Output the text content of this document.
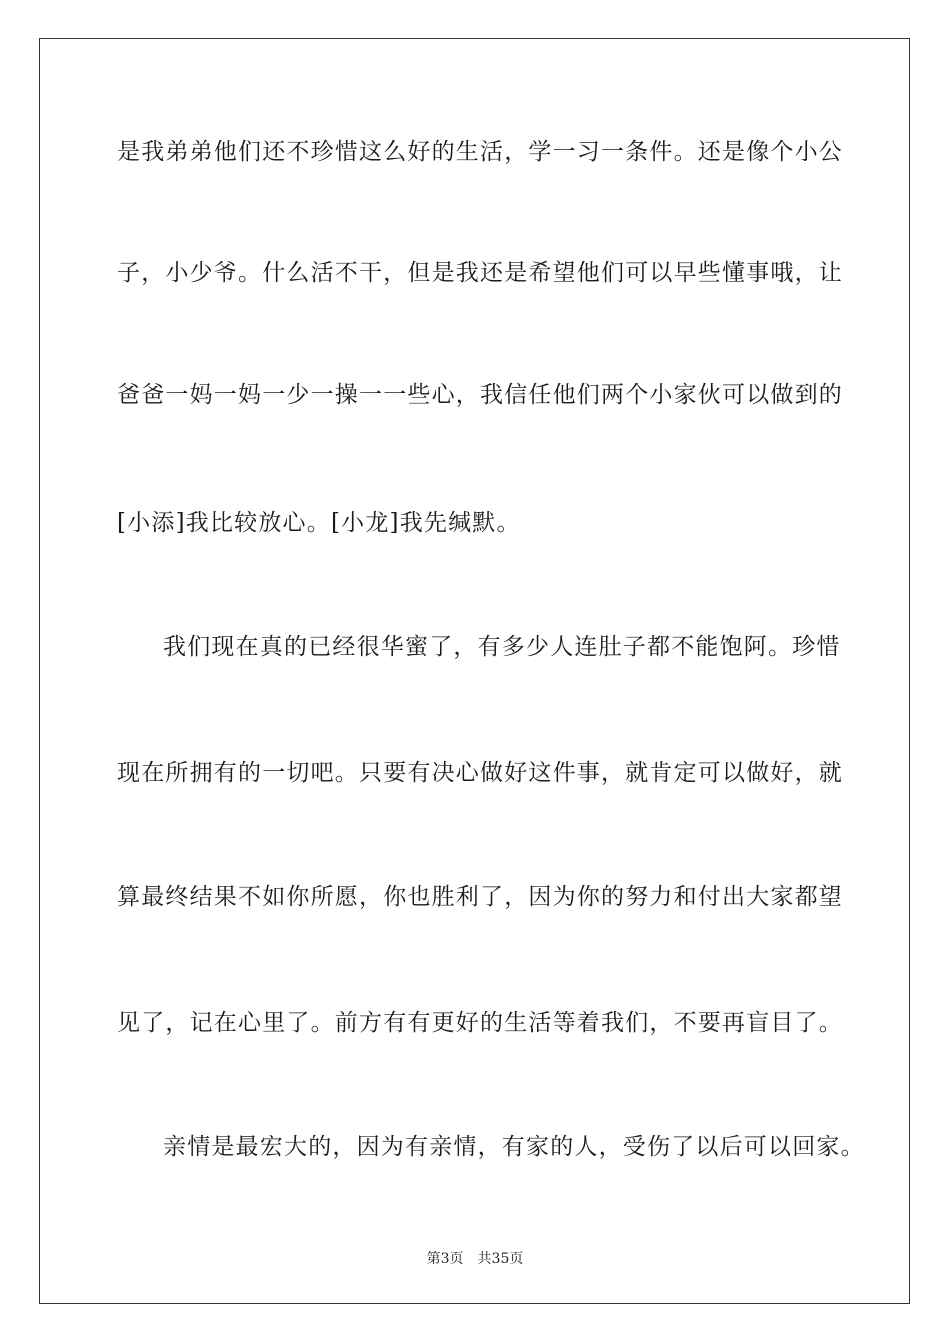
是我弟弟他们还不珍惜这么好的生活，学一习一条件。还是像个小公
子，小少爷。什么活不干，但是我还是希望他们可以早些懂事哦，让
爸爸一妈一妈一少一操一一些心，我信任他们两个小家伙可以做到的
[小添]我比较放心。[小龙]我先缄默。
我们现在真的已经很华蜜了，有多少人连肚子都不能饱阿。珍惜
现在所拥有的一切吧。只要有决心做好这件事，就肯定可以做好，就
算最终结果不如你所愿，你也胜利了，因为你的努力和付出大家都望
见了，记在心里了。前方有有更好的生活等着我们，不要再盲目了。
亲情是最宏大的，因为有亲情，有家的人，受伤了以后可以回家。
第3页 共35页
